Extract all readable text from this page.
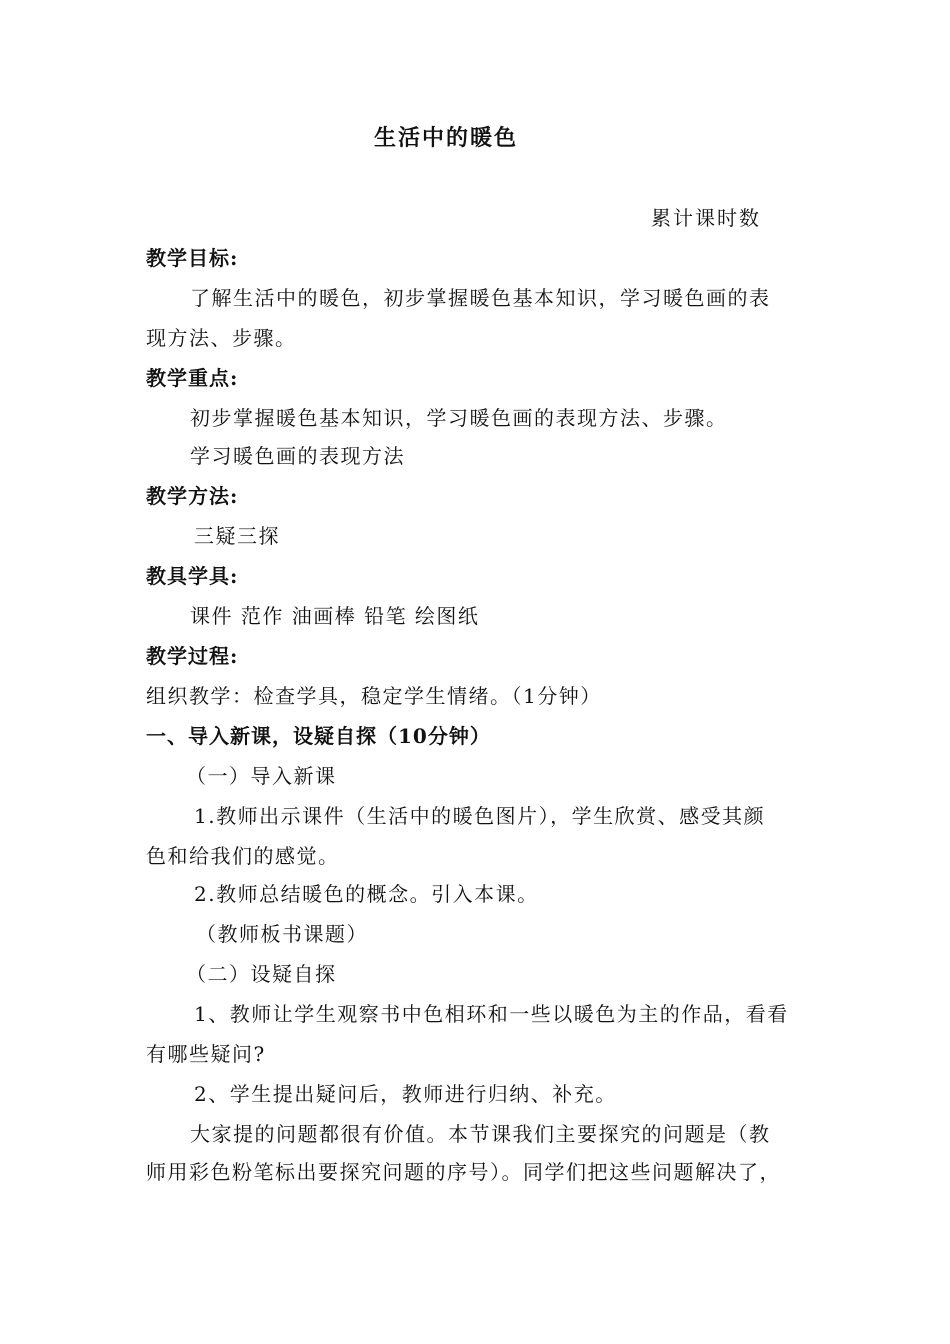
生活中的暖色
累计课时数
教学目标:
了解生活中的暖色，初步掌握暖色基本知识，学习暖色画的表
现方法、步骤。
教学重点:
初步掌握暖色基本知识，学习暖色画的表现方法、步骤。
学习暖色画的表现方法
教学方法:
三疑三探
教具学具:
课件 范作 油画棒 铅笔 绘图纸
教学过程:
组织教学：检查学具，稳定学生情绪。（1分钟）
一、导入新课，设疑自探（10分钟）
（一）导入新课
1.教师出示课件（生活中的暖色图片），学生欣赏、感受其颜
色和给我们的感觉。
2.教师总结暖色的概念。引入本课。
（教师板书课题）
（二）设疑自探
1、教师让学生观察书中色相环和一些以暖色为主的作品，看看
有哪些疑问?
2、学生提出疑问后，教师进行归纳、补充。
大家提的问题都很有价值。本节课我们主要探究的问题是（教
师用彩色粉笔标出要探究问题的序号）。同学们把这些问题解决了，
